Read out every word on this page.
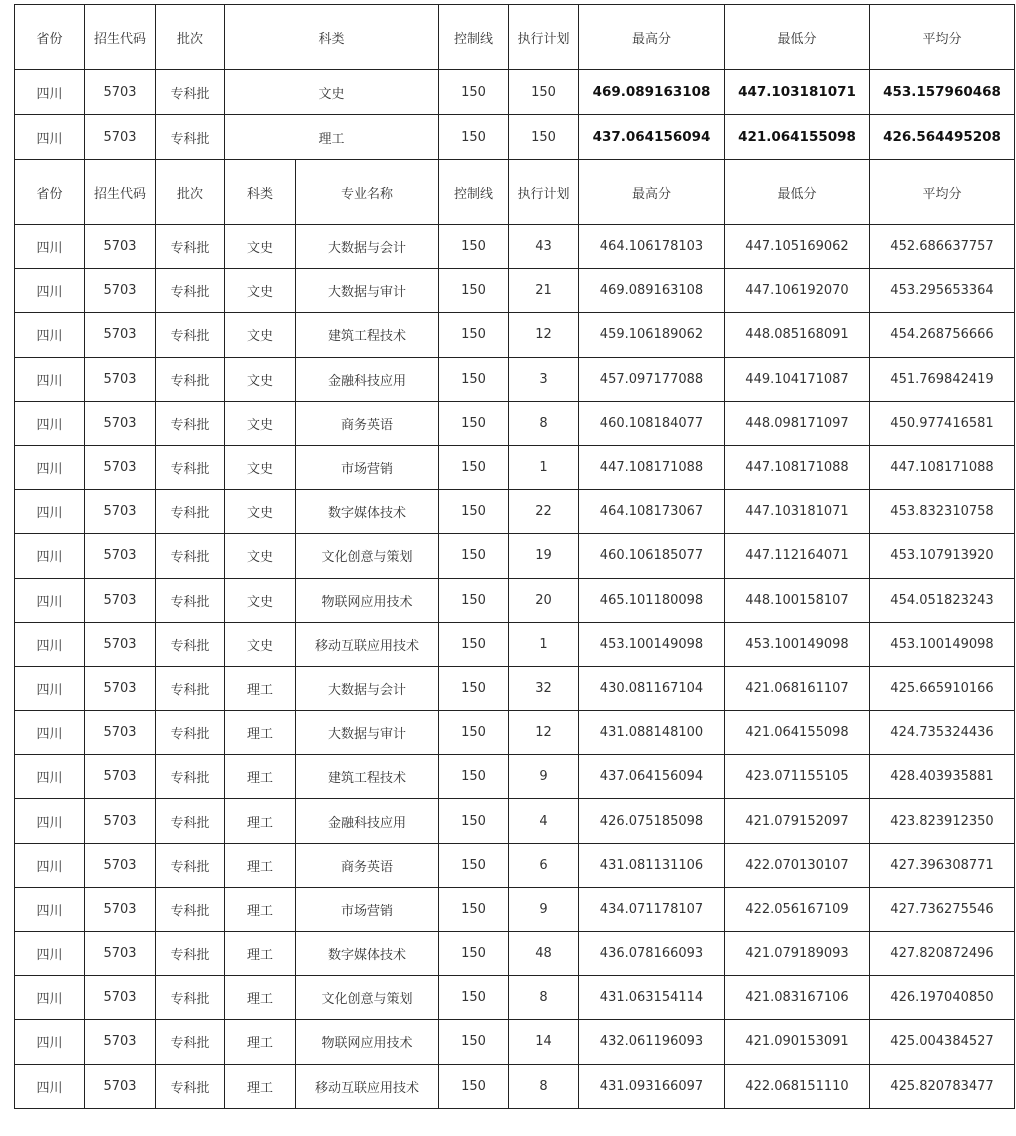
省份	招生代码	批次	科类		控制线	执行计划	最高分	最低分	平均分
四川	5703	专科批	文史		150	150	469.089163108	447.103181071	453.157960468
四川	5703	专科批	理工		150	150	437.064156094	421.064155098	426.564495208
省份	招生代码	批次	科类	专业名称	控制线	执行计划	最高分	最低分	平均分
四川	5703	专科批	文史	大数据与会计	150	43	464.106178103	447.105169062	452.686637757
四川	5703	专科批	文史	大数据与审计	150	21	469.089163108	447.106192070	453.295653364
四川	5703	专科批	文史	建筑工程技术	150	12	459.106189062	448.085168091	454.268756666
四川	5703	专科批	文史	金融科技应用	150	3	457.097177088	449.104171087	451.769842419
四川	5703	专科批	文史	商务英语	150	8	460.108184077	448.098171097	450.977416581
四川	5703	专科批	文史	市场营销	150	1	447.108171088	447.108171088	447.108171088
四川	5703	专科批	文史	数字媒体技术	150	22	464.108173067	447.103181071	453.832310758
四川	5703	专科批	文史	文化创意与策划	150	19	460.106185077	447.112164071	453.107913920
四川	5703	专科批	文史	物联网应用技术	150	20	465.101180098	448.100158107	454.051823243
四川	5703	专科批	文史	移动互联应用技术	150	1	453.100149098	453.100149098	453.100149098
四川	5703	专科批	理工	大数据与会计	150	32	430.081167104	421.068161107	425.665910166
四川	5703	专科批	理工	大数据与审计	150	12	431.088148100	421.064155098	424.735324436
四川	5703	专科批	理工	建筑工程技术	150	9	437.064156094	423.071155105	428.403935881
四川	5703	专科批	理工	金融科技应用	150	4	426.075185098	421.079152097	423.823912350
四川	5703	专科批	理工	商务英语	150	6	431.081131106	422.070130107	427.396308771
四川	5703	专科批	理工	市场营销	150	9	434.071178107	422.056167109	427.736275546
四川	5703	专科批	理工	数字媒体技术	150	48	436.078166093	421.079189093	427.820872496
四川	5703	专科批	理工	文化创意与策划	150	8	431.063154114	421.083167106	426.197040850
四川	5703	专科批	理工	物联网应用技术	150	14	432.061196093	421.090153091	425.004384527
四川	5703	专科批	理工	移动互联应用技术	150	8	431.093166097	422.068151110	425.820783477
